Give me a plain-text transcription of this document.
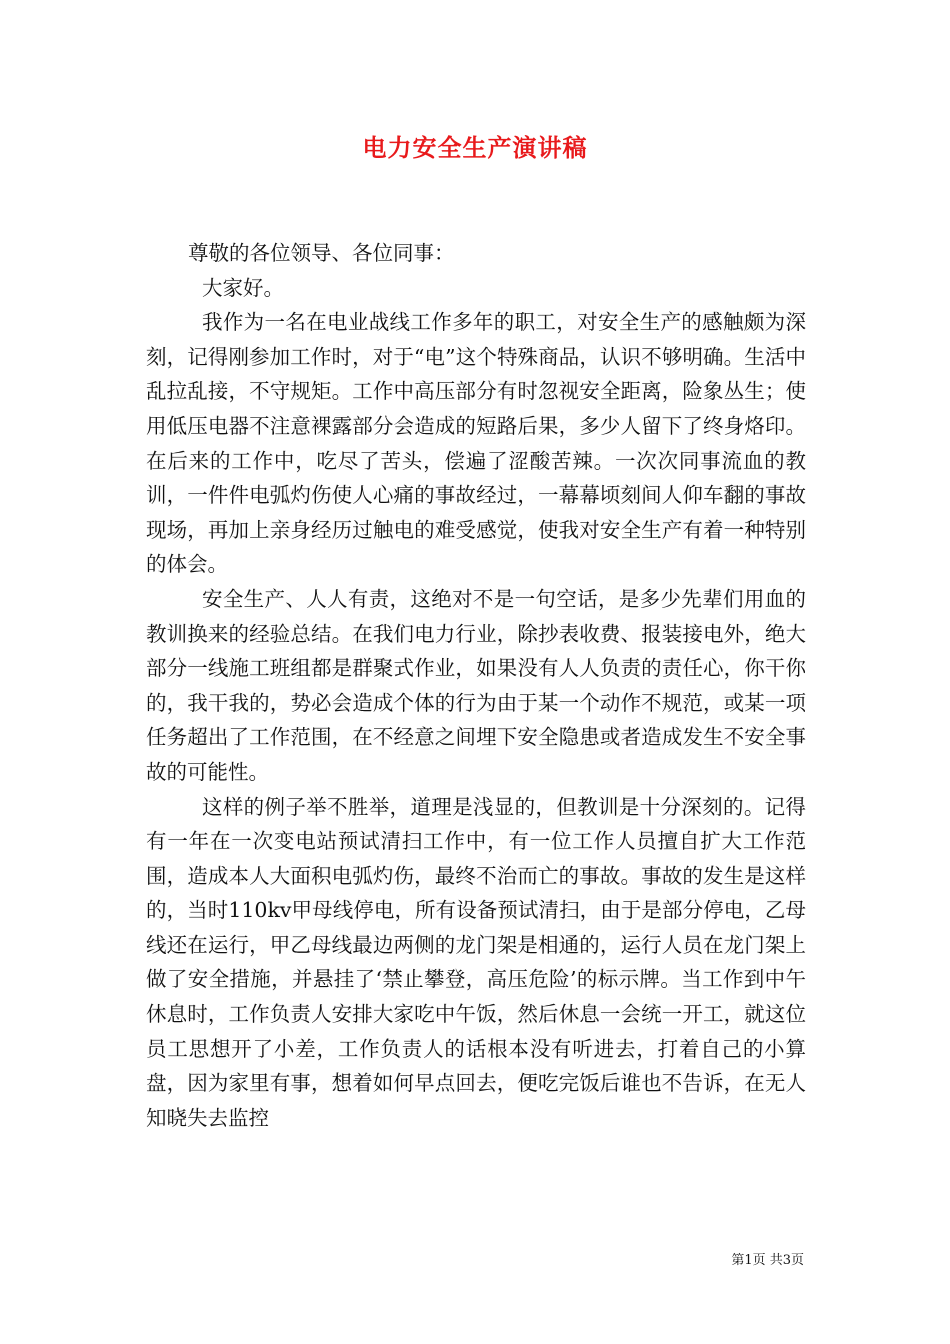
电力安全生产演讲稿

尊敬的各位领导、各位同事：

大家好。

我作为一名在电业战线工作多年的职工，对安全生产的感触颇为深刻，记得刚参加工作时，对于“电”这个特殊商品，认识不够明确。生活中乱拉乱接，不守规矩。工作中高压部分有时忽视安全距离，险象丛生；使用低压电器不注意裸露部分会造成的短路后果，多少人留下了终身烙印。在后来的工作中，吃尽了苦头，偿遍了涩酸苦辣。一次次同事流血的教训，一件件电弧灼伤使人心痛的事故经过，一幕幕顷刻间人仰车翻的事故现场，再加上亲身经历过触电的难受感觉，使我对安全生产有着一种特别的体会。

安全生产、人人有责，这绝对不是一句空话，是多少先辈们用血的教训换来的经验总结。在我们电力行业，除抄表收费、报装接电外，绝大部分一线施工班组都是群聚式作业，如果没有人人负责的责任心，你干你的，我干我的，势必会造成个体的行为由于某一个动作不规范，或某一项任务超出了工作范围，在不经意之间埋下安全隐患或者造成发生不安全事故的可能性。

这样的例子举不胜举，道理是浅显的，但教训是十分深刻的。记得有一年在一次变电站预试清扫工作中，有一位工作人员擅自扩大工作范围，造成本人大面积电弧灼伤，最终不治而亡的事故。事故的发生是这样的，当时110kv甲母线停电，所有设备预试清扫，由于是部分停电，乙母线还在运行，甲乙母线最边两侧的龙门架是相通的，运行人员在龙门架上做了安全措施，并悬挂了‘禁止攀登，高压危险’的标示牌。当工作到中午休息时，工作负责人安排大家吃中午饭，然后休息一会统一开工，就这位员工思想开了小差，工作负责人的话根本没有听进去，打着自己的小算盘，因为家里有事，想着如何早点回去，便吃完饭后谁也不告诉，在无人知晓失去监控

第1页 共3页
